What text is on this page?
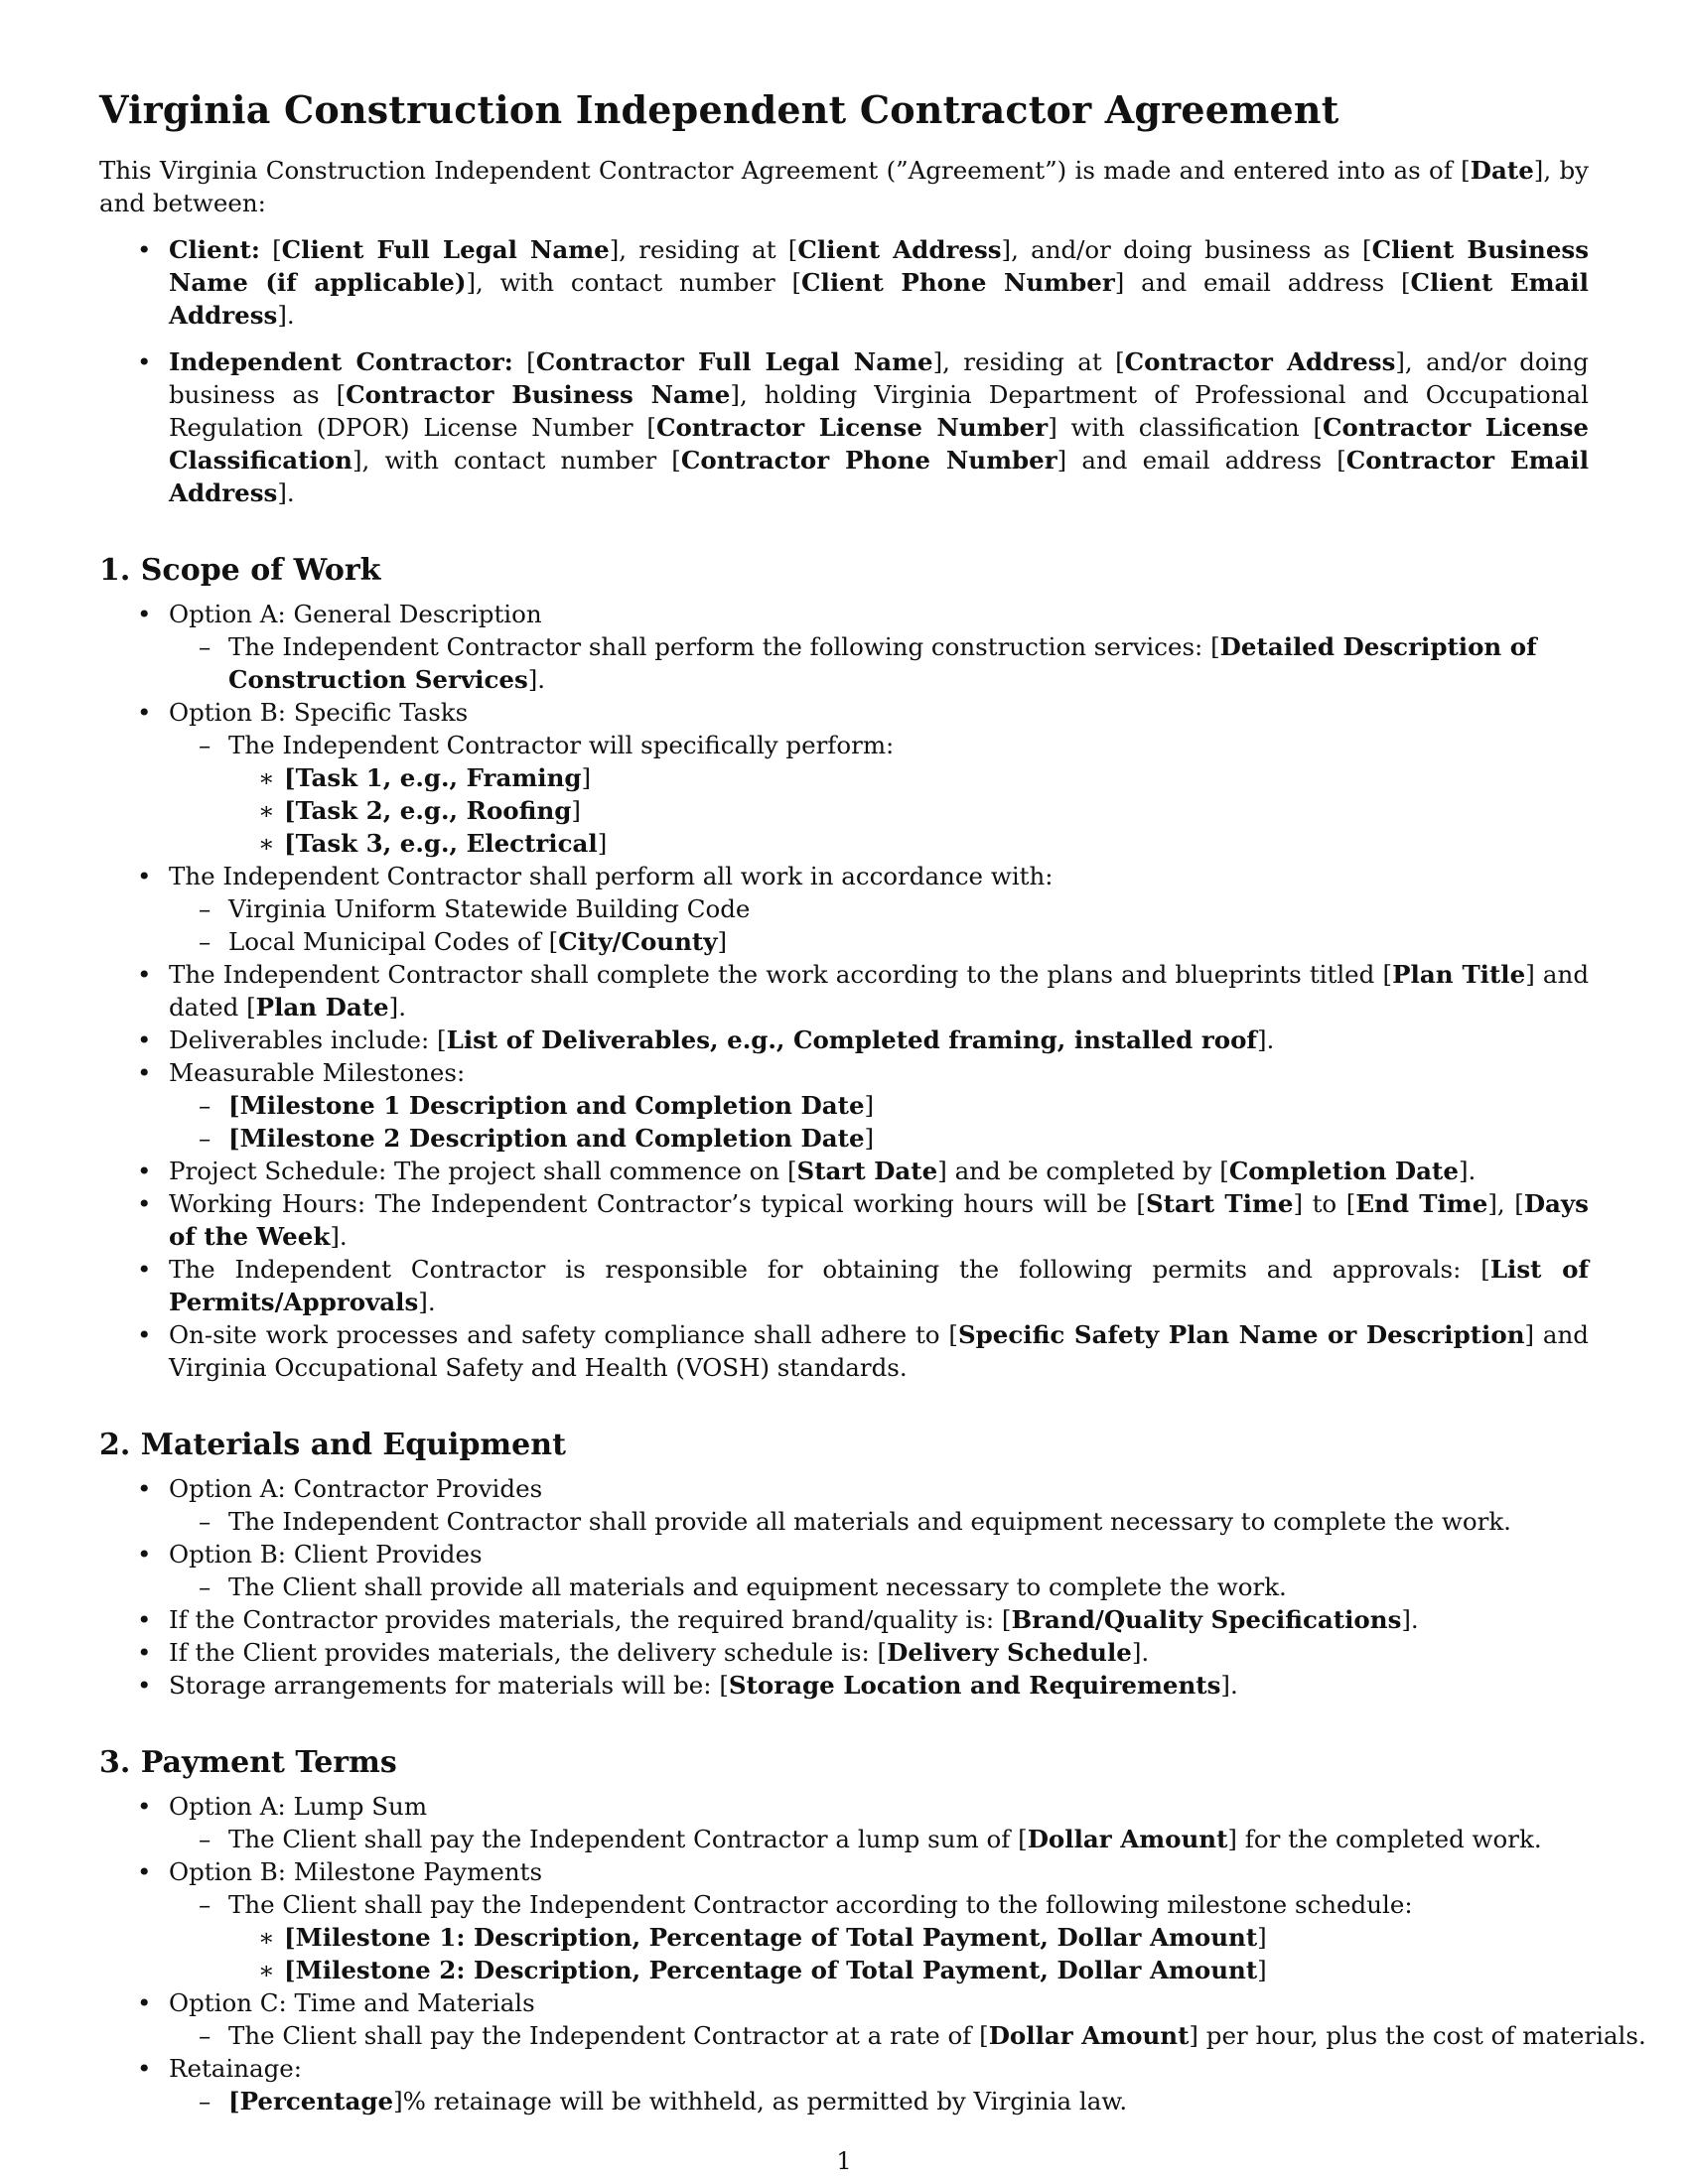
Virginia Construction Independent Contractor Agreement

This Virginia Construction Independent Contractor Agreement (”Agreement”) is made and entered into as of [Date], by and between:

• Client: [Client Full Legal Name], residing at [Client Address], and/or doing business as [Client Business Name (if applicable)], with contact number [Client Phone Number] and email address [Client Email Address].
• Independent Contractor: [Contractor Full Legal Name], residing at [Contractor Address], and/or doing business as [Contractor Business Name], holding Virginia Department of Professional and Occupational Regulation (DPOR) License Number [Contractor License Number] with classification [Contractor License Classification], with contact number [Contractor Phone Number] and email address [Contractor Email Address].
1. Scope of Work
• Option A: General Description
– The Independent Contractor shall perform the following construction services: [Detailed Description of Construction Services].
• Option B: Specific Tasks
– The Independent Contractor will specifically perform:
∗ [Task 1, e.g., Framing]
∗ [Task 2, e.g., Roofing]
∗ [Task 3, e.g., Electrical]
• The Independent Contractor shall perform all work in accordance with:
– Virginia Uniform Statewide Building Code
– Local Municipal Codes of [City/County]
• The Independent Contractor shall complete the work according to the plans and blueprints titled [Plan Title] and dated [Plan Date].
• Deliverables include: [List of Deliverables, e.g., Completed framing, installed roof].
• Measurable Milestones:
– [Milestone 1 Description and Completion Date]
– [Milestone 2 Description and Completion Date]
• Project Schedule: The project shall commence on [Start Date] and be completed by [Completion Date].
• Working Hours: The Independent Contractor’s typical working hours will be [Start Time] to [End Time], [Days of the Week].
• The Independent Contractor is responsible for obtaining the following permits and approvals: [List of Permits/Approvals].
• On-site work processes and safety compliance shall adhere to [Specific Safety Plan Name or Description] and Virginia Occupational Safety and Health (VOSH) standards.
2. Materials and Equipment
• Option A: Contractor Provides
– The Independent Contractor shall provide all materials and equipment necessary to complete the work.
• Option B: Client Provides
– The Client shall provide all materials and equipment necessary to complete the work.
• If the Contractor provides materials, the required brand/quality is: [Brand/Quality Specifications].
• If the Client provides materials, the delivery schedule is: [Delivery Schedule].
• Storage arrangements for materials will be: [Storage Location and Requirements].
3. Payment Terms
• Option A: Lump Sum
– The Client shall pay the Independent Contractor a lump sum of [Dollar Amount] for the completed work.
• Option B: Milestone Payments
– The Client shall pay the Independent Contractor according to the following milestone schedule:
∗ [Milestone 1: Description, Percentage of Total Payment, Dollar Amount]
∗ [Milestone 2: Description, Percentage of Total Payment, Dollar Amount]
• Option C: Time and Materials
– The Client shall pay the Independent Contractor at a rate of [Dollar Amount] per hour, plus the cost of materials.
• Retainage:
– [Percentage]% retainage will be withheld, as permitted by Virginia law.
1
